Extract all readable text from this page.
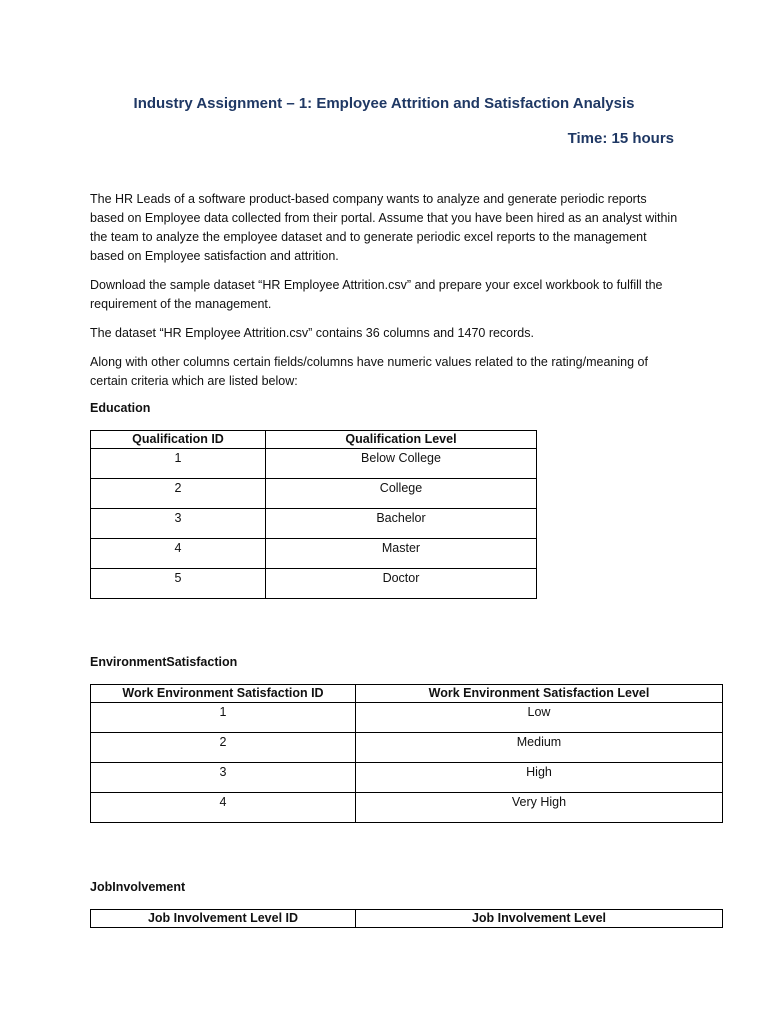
Industry Assignment – 1: Employee Attrition and Satisfaction Analysis
Time: 15 hours

The HR Leads of a software product-based company wants to analyze and generate periodic reports based on Employee data collected from their portal. Assume that you have been hired as an analyst within the team to analyze the employee dataset and to generate periodic excel reports to the management based on Employee satisfaction and attrition.

Download the sample dataset “HR Employee Attrition.csv” and prepare your excel workbook to fulfill the requirement of the management.

The dataset “HR Employee Attrition.csv” contains 36 columns and 1470 records.

Along with other columns certain fields/columns have numeric values related to the rating/meaning of certain criteria which are listed below:

Education

Qualification ID	Qualification Level
1	Below College
2	College
3	Bachelor
4	Master
5	Doctor

EnvironmentSatisfaction

Work Environment Satisfaction ID	Work Environment Satisfaction Level
1	Low
2	Medium
3	High
4	Very High

JobInvolvement

Job Involvement Level ID	Job Involvement Level
